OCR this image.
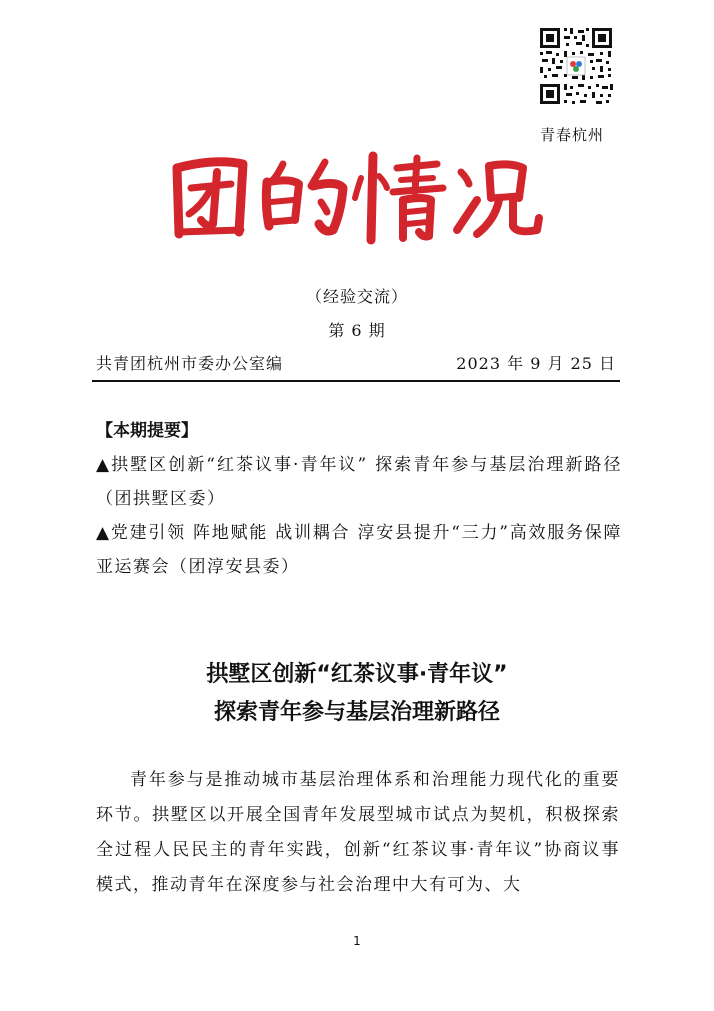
青春杭州
（经验交流）
第 6 期
共青团杭州市委办公室编	2023 年 9 月 25 日
【本期提要】

▲拱墅区创新“红茶议事·青年议” 探索青年参与基层治理新路径（团拱墅区委）

▲党建引领 阵地赋能 战训耦合 淳安县提升“三力”高效服务保障亚运赛会（团淳安县委）

拱墅区创新“红茶议事·青年议”
探索青年参与基层治理新路径

青年参与是推动城市基层治理体系和治理能力现代化的重要环节。拱墅区以开展全国青年发展型城市试点为契机，积极探索全过程人民民主的青年实践，创新“红茶议事·青年议”协商议事模式，推动青年在深度参与社会治理中大有可为、大

1
